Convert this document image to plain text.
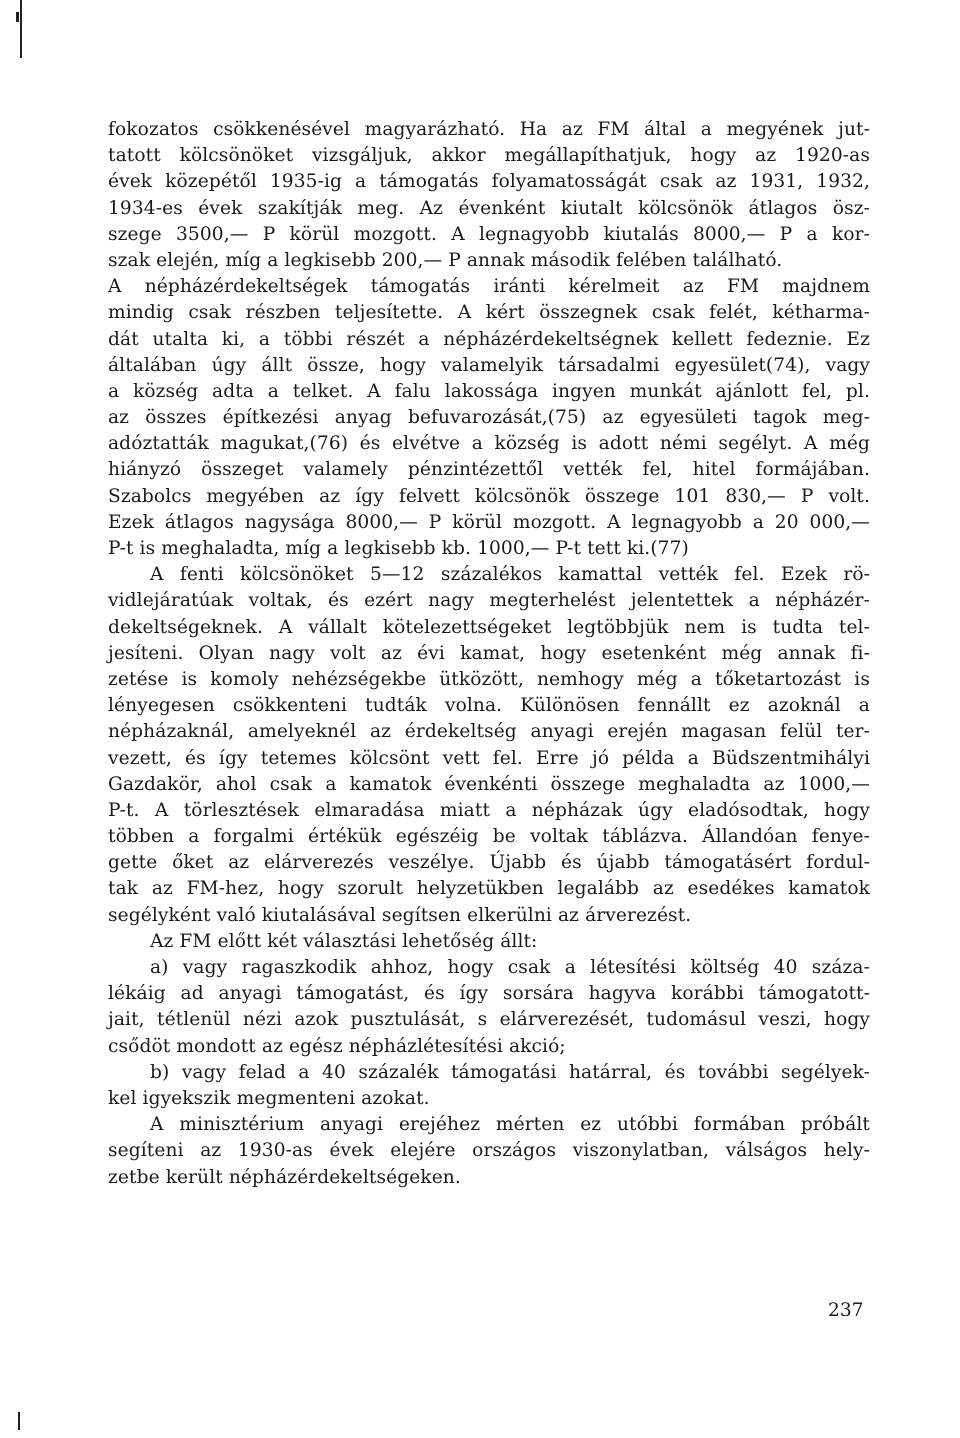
fokozatos csökkenésével magyarázható. Ha az FM által a megyének jut-
tatott kölcsönöket vizsgáljuk, akkor megállapíthatjuk, hogy az 1920-as
évek közepétől 1935-ig a támogatás folyamatosságát csak az 1931, 1932,
1934-es évek szakítják meg. Az évenként kiutalt kölcsönök átlagos ösz-
szege 3500,— P körül mozgott. A legnagyobb kiutalás 8000,— P a kor-
szak elején, míg a legkisebb 200,— P annak második felében található.
A népházérdekeltségek támogatás iránti kérelmeit az FM majdnem
mindig csak részben teljesítette. A kért összegnek csak felét, kétharma-
dát utalta ki, a többi részét a népházérdekeltségnek kellett fedeznie. Ez
általában úgy állt össze, hogy valamelyik társadalmi egyesület(74), vagy
a község adta a telket. A falu lakossága ingyen munkát ajánlott fel, pl.
az összes építkezési anyag befuvarozását,(75) az egyesületi tagok meg-
adóztatták magukat,(76) és elvétve a község is adott némi segélyt. A még
hiányzó összeget valamely pénzintézettől vették fel, hitel formájában.
Szabolcs megyében az így felvett kölcsönök összege 101 830,— P volt.
Ezek átlagos nagysága 8000,— P körül mozgott. A legnagyobb a 20 000,—
P-t is meghaladta, míg a legkisebb kb. 1000,— P-t tett ki.(77)
A fenti kölcsönöket 5—12 százalékos kamattal vették fel. Ezek rö-
vidlejáratúak voltak, és ezért nagy megterhelést jelentettek a népházér-
dekeltségeknek. A vállalt kötelezettségeket legtöbbjük nem is tudta tel-
jesíteni. Olyan nagy volt az évi kamat, hogy esetenként még annak fi-
zetése is komoly nehézségekbe ütközött, nemhogy még a tőketartozást is
lényegesen csökkenteni tudták volna. Különösen fennállt ez azoknál a
népházaknál, amelyeknél az érdekeltség anyagi erején magasan felül ter-
vezett, és így tetemes kölcsönt vett fel. Erre jó példa a Büdszentmihályi
Gazdakör, ahol csak a kamatok évenkénti összege meghaladta az 1000,—
P-t. A törlesztések elmaradása miatt a népházak úgy eladósodtak, hogy
többen a forgalmi értékük egészéig be voltak táblázva. Állandóan fenye-
gette őket az elárverezés veszélye. Újabb és újabb támogatásért fordul-
tak az FM-hez, hogy szorult helyzetükben legalább az esedékes kamatok
segélyként való kiutalásával segítsen elkerülni az árverezést.
Az FM előtt két választási lehetőség állt:
a) vagy ragaszkodik ahhoz, hogy csak a létesítési költség 40 száza-
lékáig ad anyagi támogatást, és így sorsára hagyva korábbi támogatott-
jait, tétlenül nézi azok pusztulását, s elárverezését, tudomásul veszi, hogy
csődöt mondott az egész népházlétesítési akció;
b) vagy felad a 40 százalék támogatási határral, és további segélyek-
kel igyekszik megmenteni azokat.
A minisztérium anyagi erejéhez mérten ez utóbbi formában próbált
segíteni az 1930-as évek elejére országos viszonylatban, válságos hely-
zetbe került népházérdekeltségeken.
237
